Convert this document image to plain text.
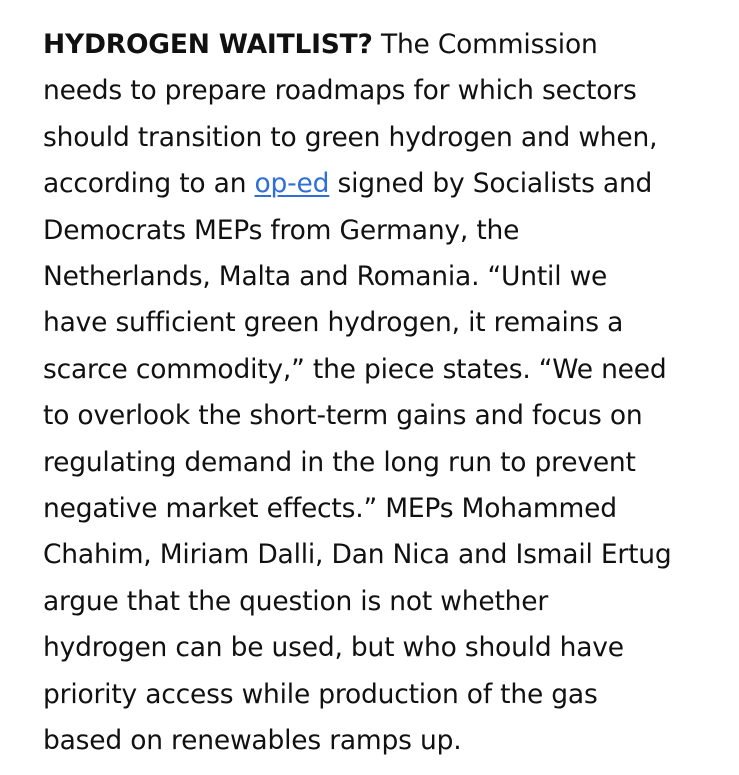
HYDROGEN WAITLIST? The Commission
needs to prepare roadmaps for which sectors
should transition to green hydrogen and when,
according to an op-ed signed by Socialists and
Democrats MEPs from Germany, the
Netherlands, Malta and Romania. “Until we
have sufficient green hydrogen, it remains a
scarce commodity,” the piece states. “We need
to overlook the short-term gains and focus on
regulating demand in the long run to prevent
negative market effects.” MEPs Mohammed
Chahim, Miriam Dalli, Dan Nica and Ismail Ertug
argue that the question is not whether
hydrogen can be used, but who should have
priority access while production of the gas
based on renewables ramps up.
